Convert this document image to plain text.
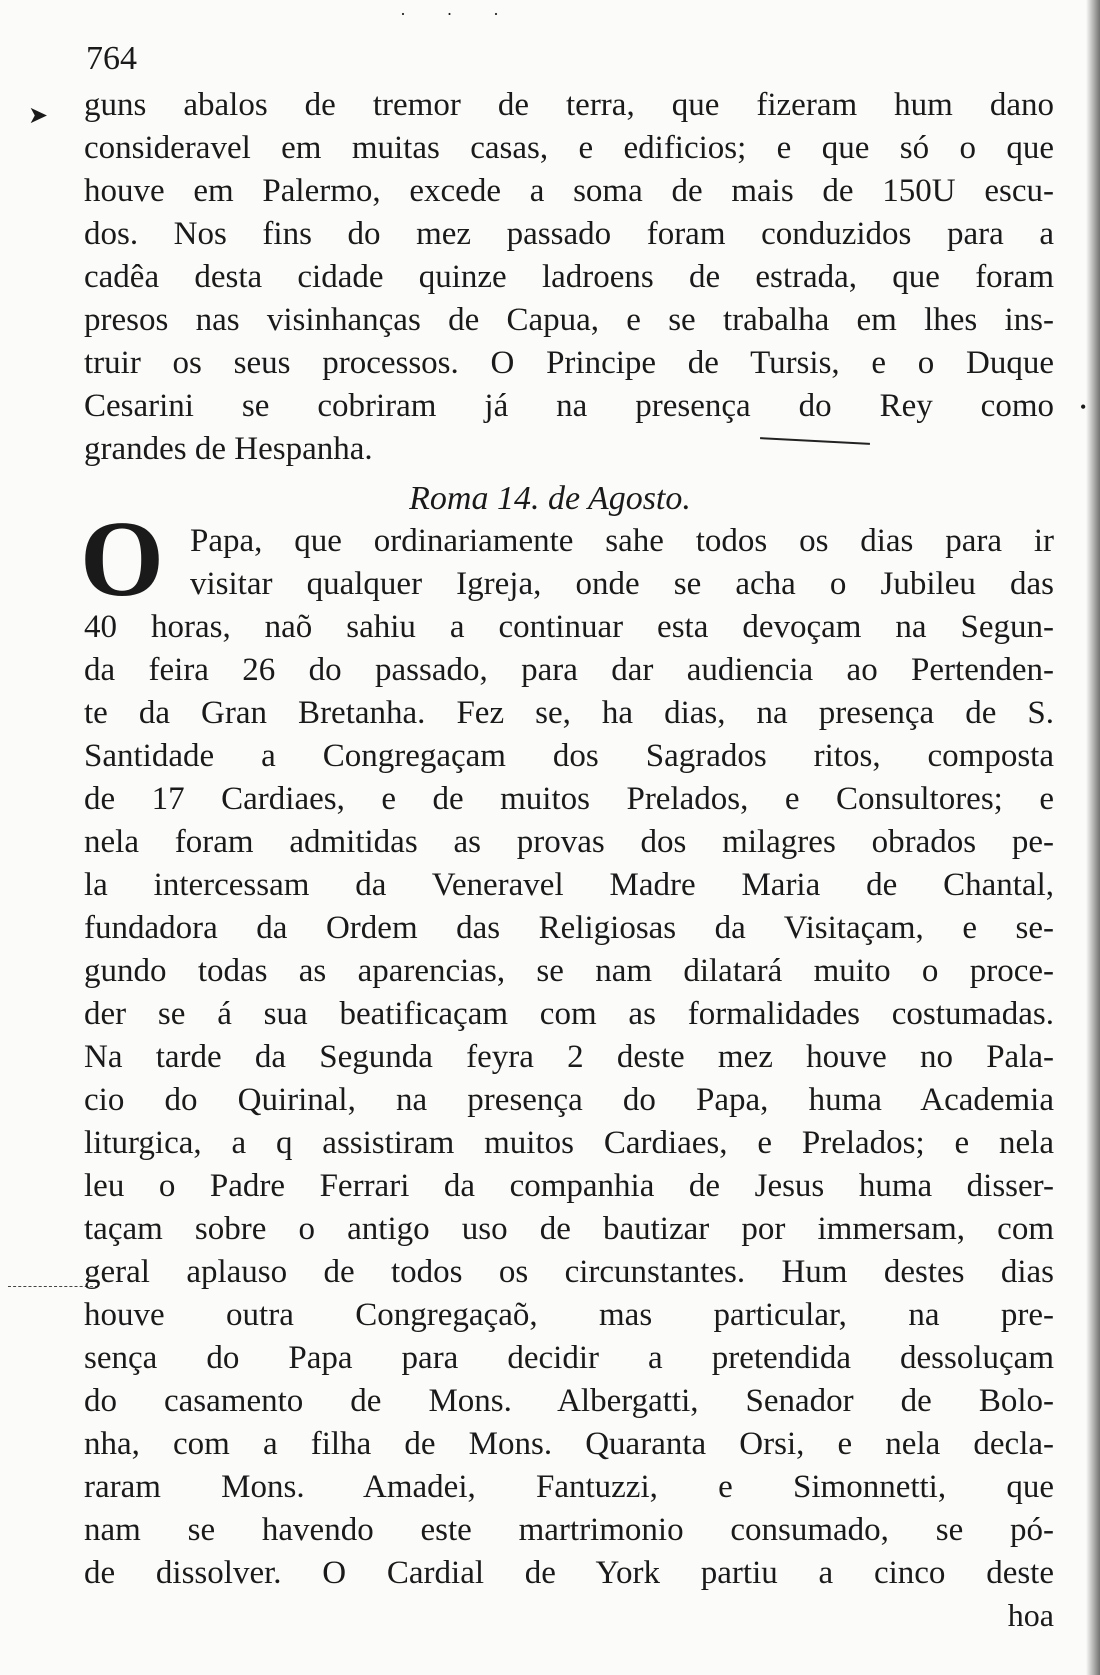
· · ·
➤
•
764
guns abalos de tremor de terra, que fizeram hum dano
consideravel em muitas casas, e edificios; e que só o que
houve em Palermo, excede a soma de mais de 150U escu-
dos. Nos fins do mez passado foram conduzidos para a
cadêa desta cidade quinze ladroens de estrada, que foram
presos nas visinhanças de Capua, e se trabalha em lhes ins-
truir os seus processos. O Principe de Tursis, e o Duque
Cesarini se cobriram já na presença do Rey como
grandes de Hespanha.
Roma 14. de Agosto.
O Papa, que ordinariamente sahe todos os dias para ir
visitar qualquer Igreja, onde se acha o Jubileu das
40 horas, naõ sahiu a continuar esta devoçam na Segun-
da feira 26 do passado, para dar audiencia ao Pertenden-
te da Gran Bretanha. Fez se, ha dias, na presença de S.
Santidade a Congregaçam dos Sagrados ritos, composta
de 17 Cardiaes, e de muitos Prelados, e Consultores; e
nela foram admitidas as provas dos milagres obrados pe-
la intercessam da Veneravel Madre Maria de Chantal,
fundadora da Ordem das Religiosas da Visitaçam, e se-
gundo todas as aparencias, se nam dilatará muito o proce-
der se á sua beatificaçam com as formalidades costumadas.
Na tarde da Segunda feyra 2 deste mez houve no Pala-
cio do Quirinal, na presença do Papa, huma Academia
liturgica, a q assistiram muitos Cardiaes, e Prelados; e nela
leu o Padre Ferrari da companhia de Jesus huma disser-
taçam sobre o antigo uso de bautizar por immersam, com
geral aplauso de todos os circunstantes. Hum destes dias
houve outra Congregaçaõ, mas particular, na pre-
sença do Papa para decidir a pretendida dessoluçam
do casamento de Mons. Albergatti, Senador de Bolo-
nha, com a filha de Mons. Quaranta Orsi, e nela decla-
raram Mons. Amadei, Fantuzzi, e Simonnetti, que
nam se havendo este martrimonio consumado, se pó-
de dissolver. O Cardial de York partiu a cinco deste
hoa
